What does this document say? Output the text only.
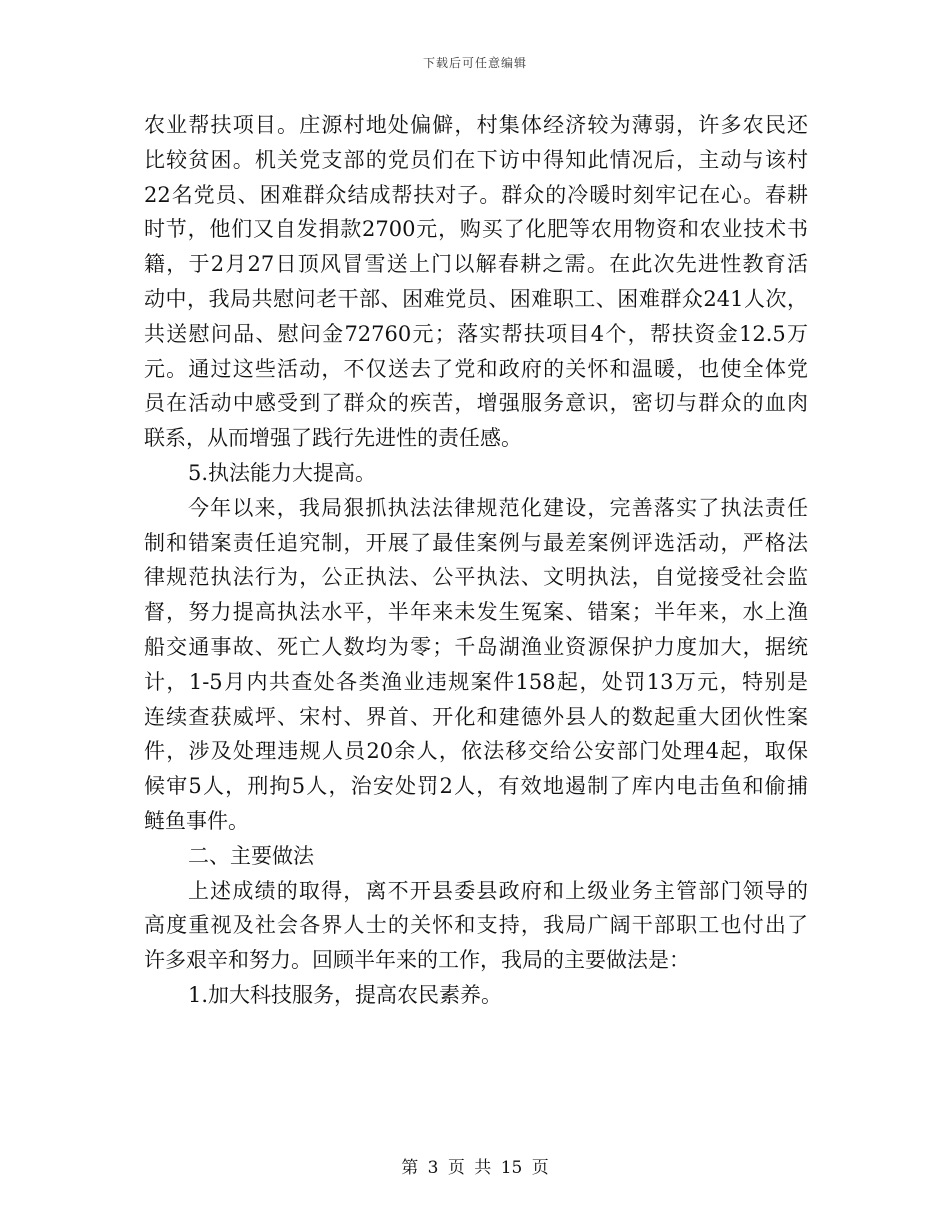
下载后可任意编辑
农业帮扶项目。庄源村地处偏僻，村集体经济较为薄弱，许多农民还
比较贫困。机关党支部的党员们在下访中得知此情况后，主动与该村
22名党员、困难群众结成帮扶对子。群众的冷暖时刻牢记在心。春耕
时节，他们又自发捐款2700元，购买了化肥等农用物资和农业技术书
籍，于2月27日顶风冒雪送上门以解春耕之需。在此次先进性教育活
动中，我局共慰问老干部、困难党员、困难职工、困难群众241人次，
共送慰问品、慰问金72760元；落实帮扶项目4个，帮扶资金12.5万
元。通过这些活动，不仅送去了党和政府的关怀和温暖，也使全体党
员在活动中感受到了群众的疾苦，增强服务意识，密切与群众的血肉
联系，从而增强了践行先进性的责任感。
5.执法能力大提高。
今年以来，我局狠抓执法法律规范化建设，完善落实了执法责任
制和错案责任追究制，开展了最佳案例与最差案例评选活动，严格法
律规范执法行为，公正执法、公平执法、文明执法，自觉接受社会监
督，努力提高执法水平，半年来未发生冤案、错案；半年来，水上渔
船交通事故、死亡人数均为零；千岛湖渔业资源保护力度加大，据统
计，1-5月内共查处各类渔业违规案件158起，处罚13万元，特别是
连续查获威坪、宋村、界首、开化和建德外县人的数起重大团伙性案
件，涉及处理违规人员20余人，依法移交给公安部门处理4起，取保
候审5人，刑拘5人，治安处罚2人，有效地遏制了库内电击鱼和偷捕
鲢鱼事件。
二、主要做法
上述成绩的取得，离不开县委县政府和上级业务主管部门领导的
高度重视及社会各界人士的关怀和支持，我局广阔干部职工也付出了
许多艰辛和努力。回顾半年来的工作，我局的主要做法是：
1.加大科技服务，提高农民素养。
第 3 页 共 15 页
